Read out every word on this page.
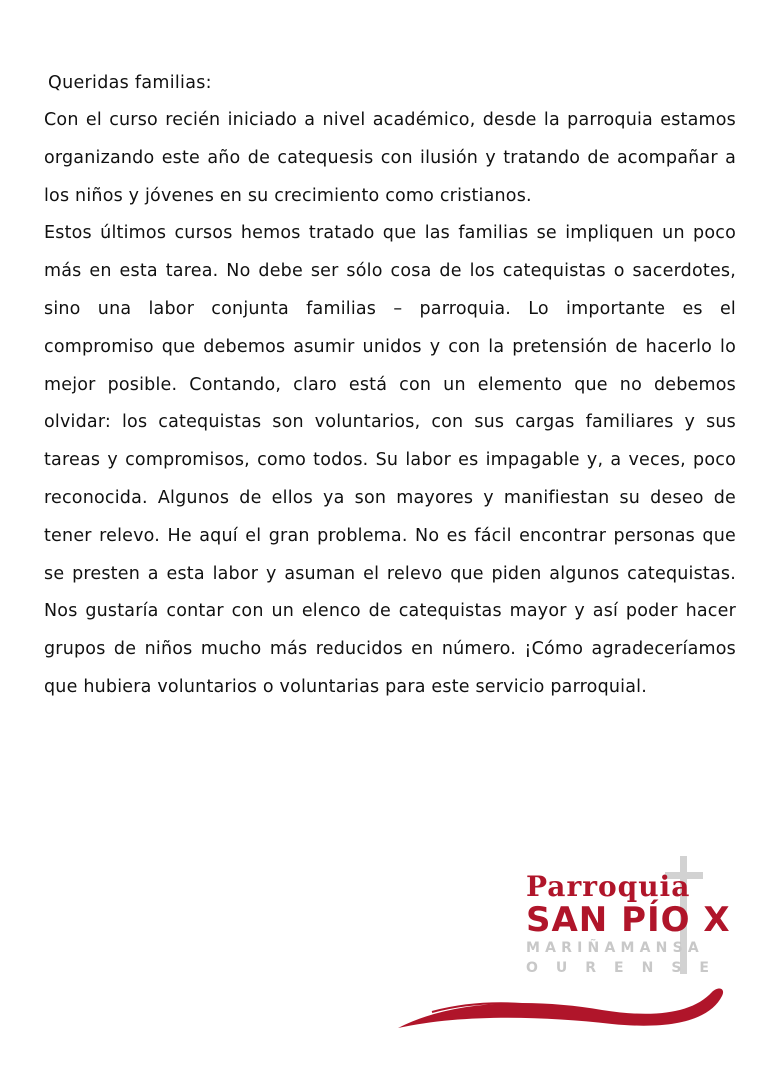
Queridas familias:

Con el curso recién iniciado a nivel académico, desde la parroquia estamos organizando este año de catequesis con ilusión y tratando de acompañar a los niños y jóvenes en su crecimiento como cristianos.

Estos últimos cursos hemos tratado que las familias se impliquen un poco más en esta tarea. No debe ser sólo cosa de los catequistas o sacerdotes, sino una labor conjunta familias – parroquia. Lo importante es el compromiso que debemos asumir unidos y con la pretensión de hacerlo lo mejor posible. Contando, claro está con un elemento que no debemos olvidar: los catequistas son voluntarios, con sus cargas familiares y sus tareas y compromisos, como todos. Su labor es impagable y, a veces, poco reconocida. Algunos de ellos ya son mayores y manifiestan su deseo de tener relevo. He aquí el gran problema. No es fácil encontrar personas que se presten a esta labor y asuman el relevo que piden algunos catequistas. Nos gustaría contar con un elenco de catequistas mayor y así poder hacer grupos de niños mucho más reducidos en número. ¡Cómo agradeceríamos que hubiera voluntarios o voluntarias para este servicio parroquial.

Parroquia
SAN PÍO X
MARIÑAMANSA
OURENSE
